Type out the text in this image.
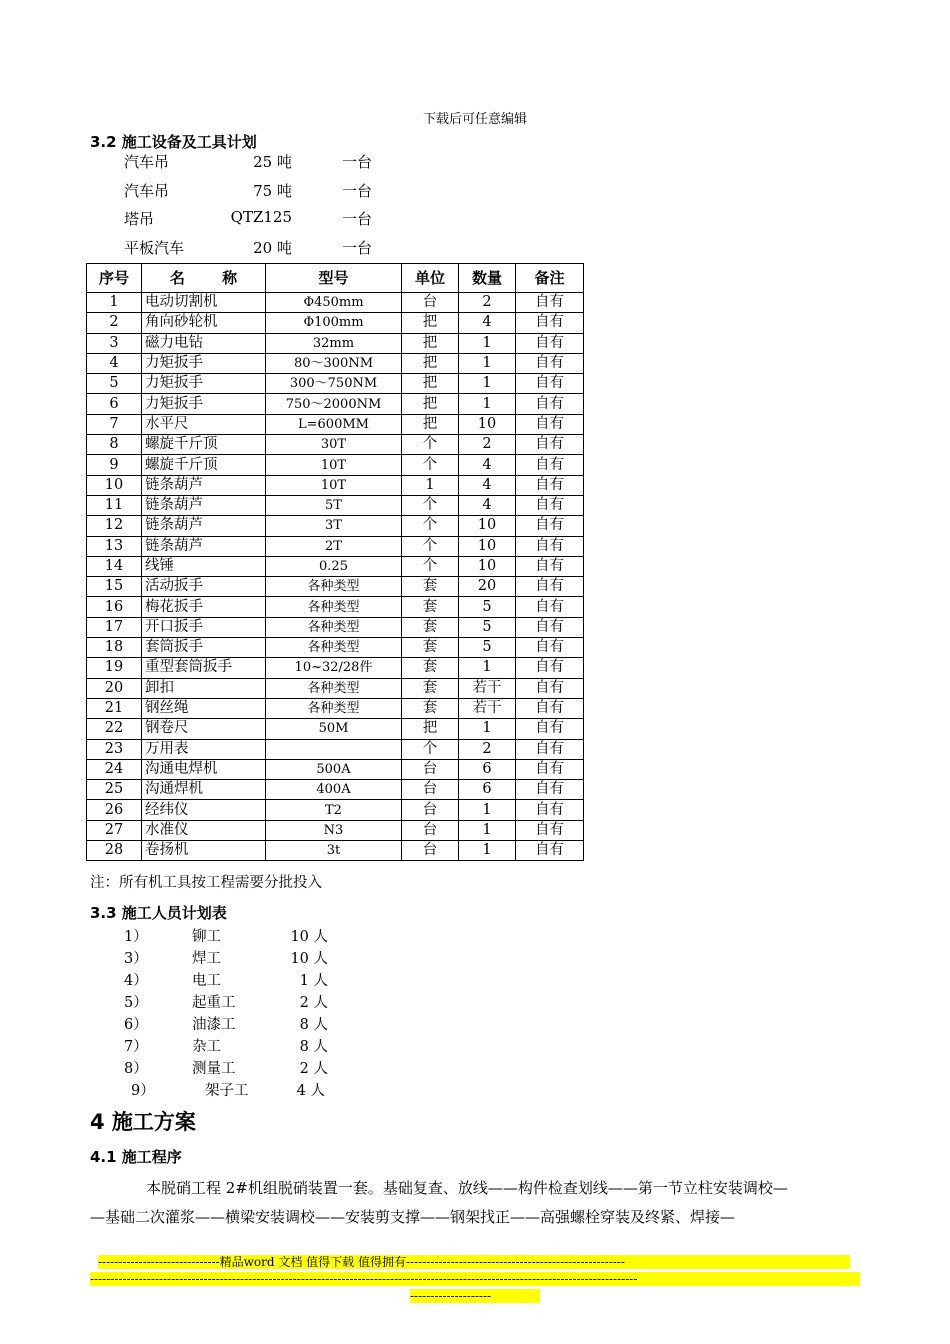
下载后可任意编辑
3.2 施工设备及工具计划
汽车吊	25 吨	一台
汽车吊	75 吨	一台
塔吊	QTZ125	一台
平板汽车	20 吨	一台
序号	名 称	型号	单位	数量	备注
1	电动切割机	Φ450mm	台	2	自有
2	角向砂轮机	Φ100mm	把	4	自有
3	磁力电钻	32mm	把	1	自有
4	力矩扳手	80～300NM	把	1	自有
5	力矩扳手	300～750NM	把	1	自有
6	力矩扳手	750～2000NM	把	1	自有
7	水平尺	L=600MM	把	10	自有
8	螺旋千斤顶	30T	个	2	自有
9	螺旋千斤顶	10T	个	4	自有
10	链条葫芦	10T	1	4	自有
11	链条葫芦	5T	个	4	自有
12	链条葫芦	3T	个	10	自有
13	链条葫芦	2T	个	10	自有
14	线锤	0.25	个	10	自有
15	活动扳手	各种类型	套	20	自有
16	梅花扳手	各种类型	套	5	自有
17	开口扳手	各种类型	套	5	自有
18	套筒扳手	各种类型	套	5	自有
19	重型套筒扳手	10~32/28件	套	1	自有
20	卸扣	各种类型	套	若干	自有
21	钢丝绳	各种类型	套	若干	自有
22	钢卷尺	50M	把	1	自有
23	万用表		个	2	自有
24	沟通电焊机	500A	台	6	自有
25	沟通焊机	400A	台	6	自有
26	经纬仪	T2	台	1	自有
27	水准仪	N3	台	1	自有
28	卷扬机	3t	台	1	自有
注：所有机工具按工程需要分批投入
3.3 施工人员计划表
1）	铆工	10 人
3）	焊工	10 人
4）	电工	1 人
5）	起重工	2 人
6）	油漆工	8 人
7）	杂工	8 人
8）	测量工	2 人
9）	架子工	4 人
4 施工方案
4.1 施工程序
本脱硝工程 2#机组脱硝装置一套。基础复查、放线——构件检查划线——第一节立柱安装调校—
—基础二次灌浆——横梁安装调校——安装剪支撑——钢架找正——高强螺栓穿装及终紧、焊接—
------------------------------精品word 文档 值得下载 值得拥有------------------------------------------------------
---------------------------------------------------------------------------------------------------------------------------------------
--------------------
